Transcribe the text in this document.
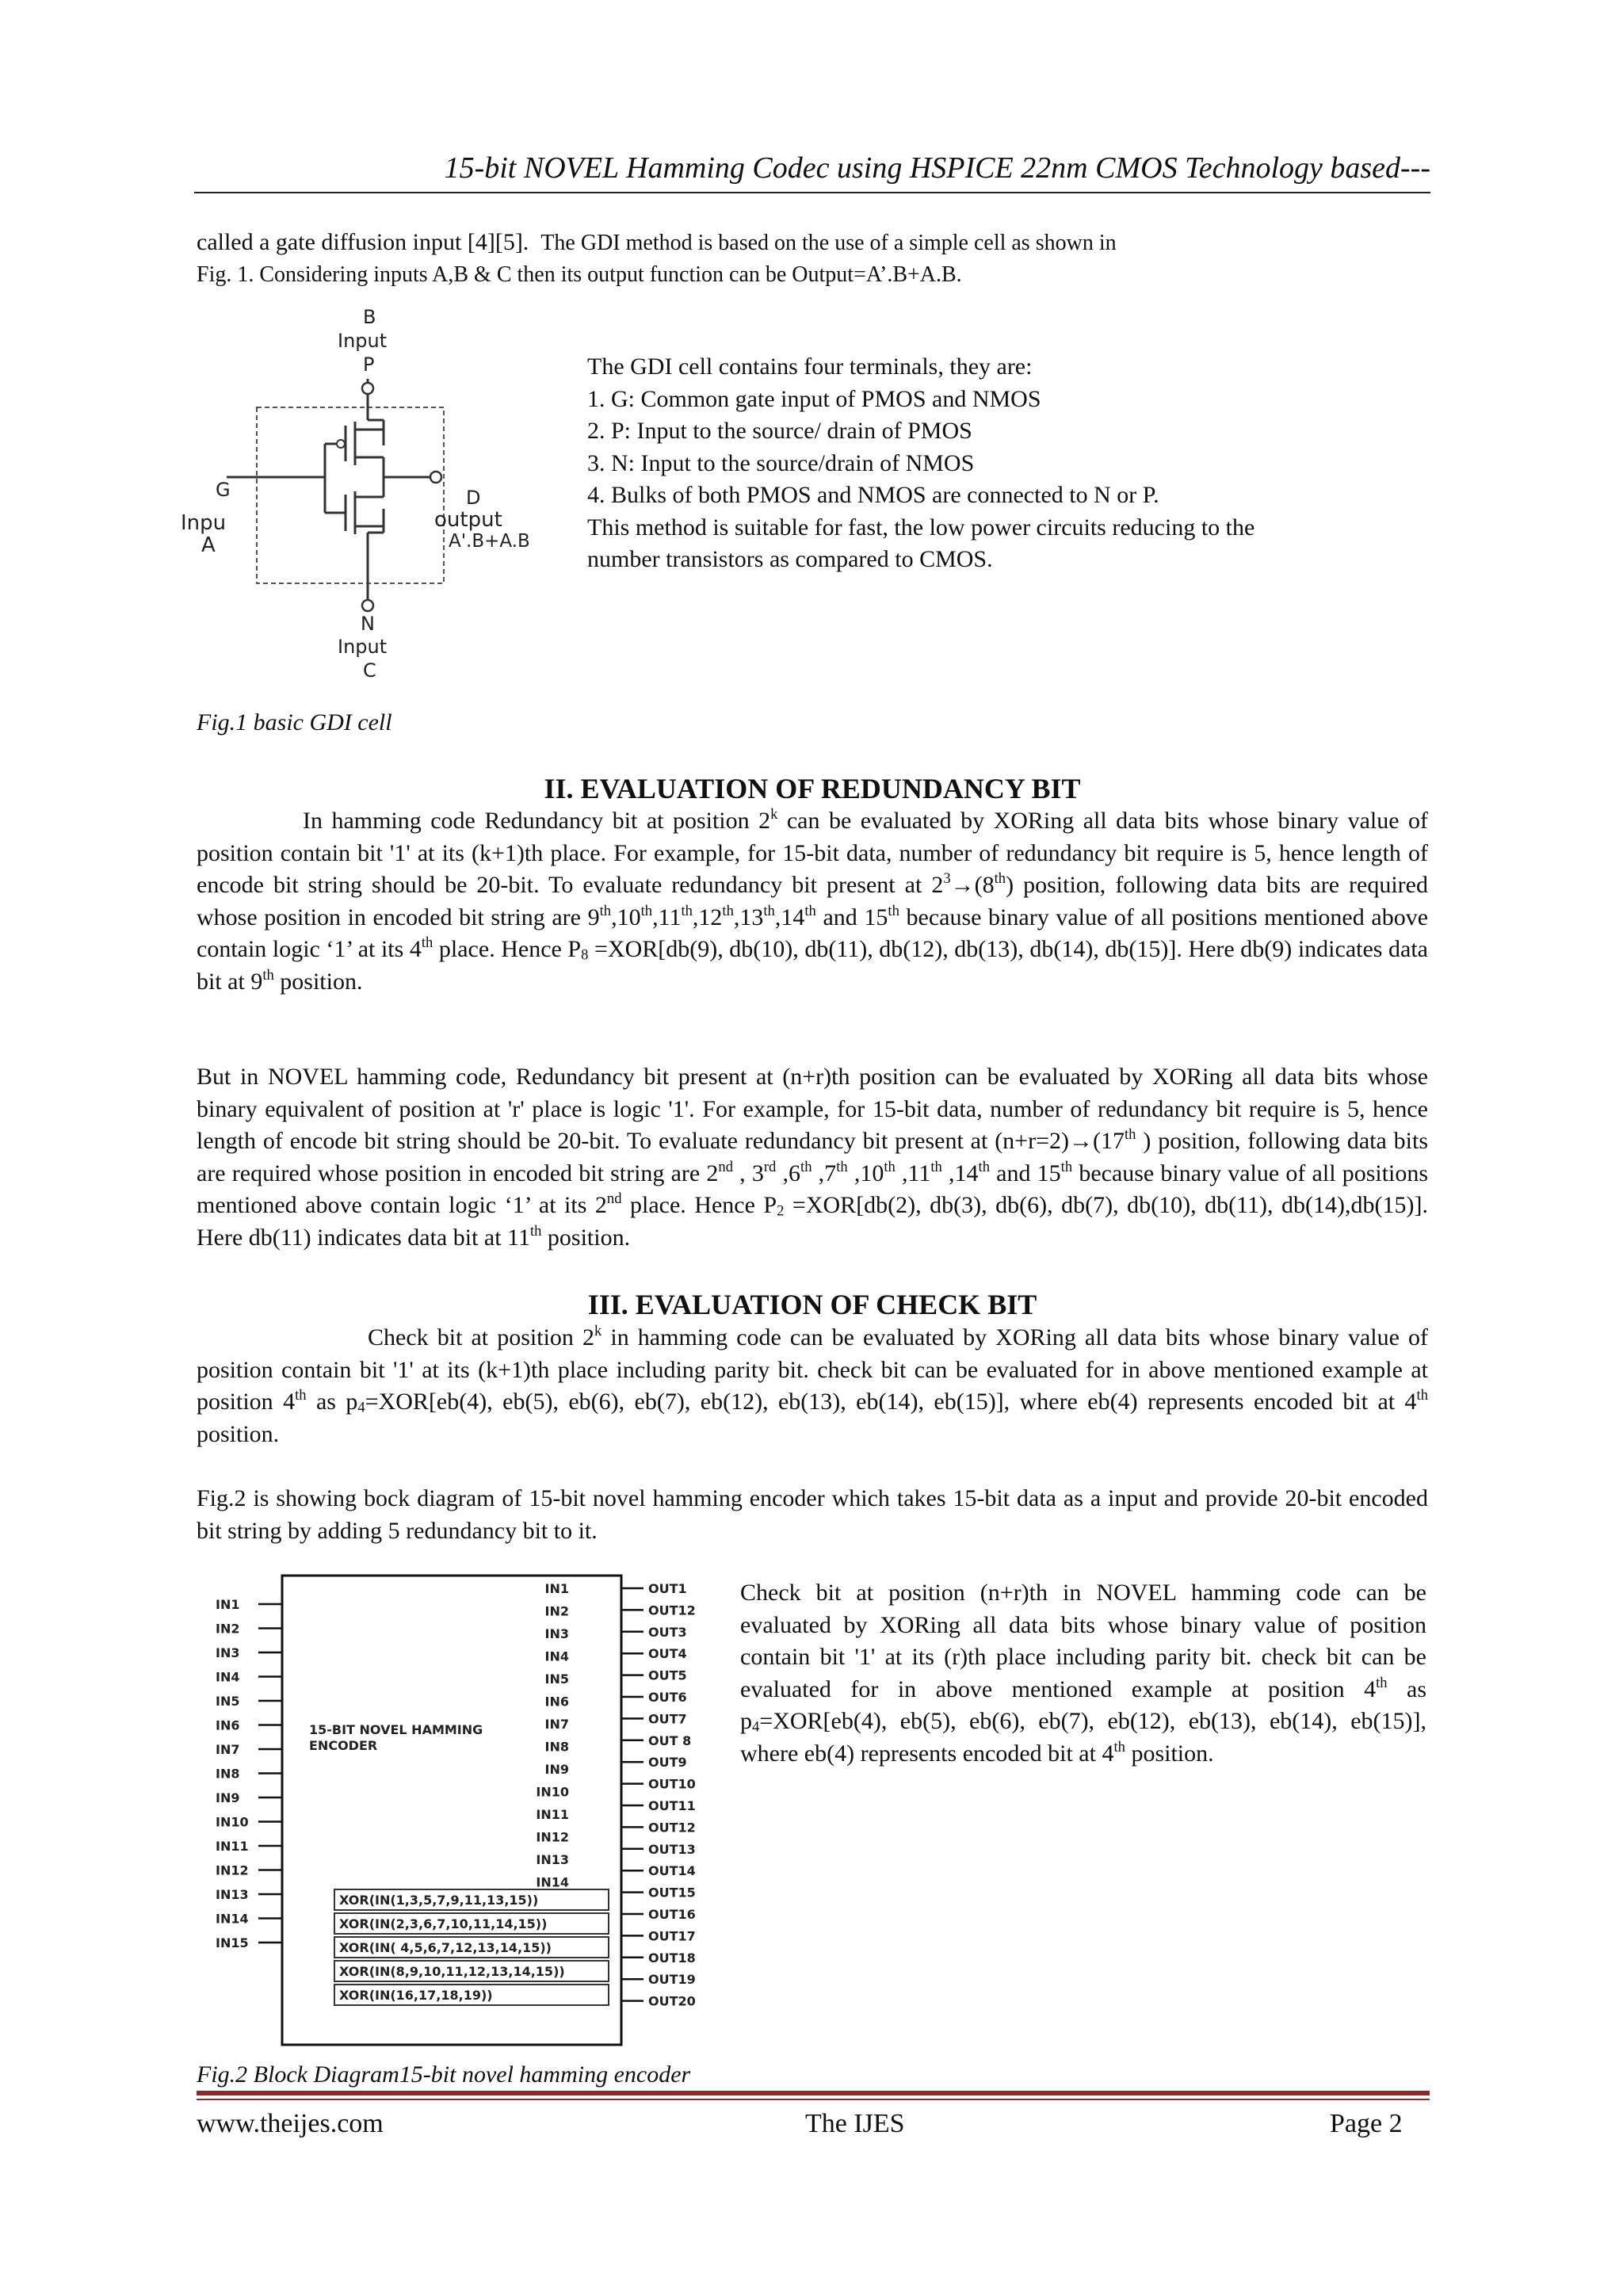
15-bit NOVEL Hamming Codec using HSPICE 22nm CMOS Technology based---
called a gate diffusion input [4][5]. The GDI method is based on the use of a simple cell as shown in
Fig. 1. Considering inputs A,B & C then its output function can be Output=A’.B+A.B.
B
Input
P
G
Inpu
A
D
output
A'.B+A.B
N
Input
C
The GDI cell contains four terminals, they are:
1. G: Common gate input of PMOS and NMOS
2. P: Input to the source/ drain of PMOS
3. N: Input to the source/drain of NMOS
4. Bulks of both PMOS and NMOS are connected to N or P.
This method is suitable for fast, the low power circuits reducing to the
number transistors as compared to CMOS.
Fig.1 basic GDI cell
II. EVALUATION OF REDUNDANCY BIT
In hamming code Redundancy bit at position 2$^k$ can be evaluated by XORing all data bits whose binary value of position contain bit '1' at its (k+1)th place. For example, for 15-bit data, number of redundancy bit require is 5, hence length of encode bit string should be 20-bit. To evaluate redundancy bit present at $2^3\to(8th)$ position, following data bits are required whose position in encoded bit string are 9th,10th,11th,12th,13th,14th and 15th because binary value of all positions mentioned above contain logic ‘1’ at its 4th place. Hence $P_8 =XOR[db(9)$, db(10), db(11), db(12), db(13), db(14), db(15)]. Here db(9) indicates data bit at 9th position.
But in NOVEL hamming code, Redundancy bit present at (n+r)th position can be evaluated by XORing all data bits whose binary equivalent of position at 'r' place is logic '1'. For example, for 15-bit data, number of redundancy bit require is 5, hence length of encode bit string should be 20-bit. To evaluate redundancy bit present at (n+r=2)→(17th ) position, following data bits are required whose position in encoded bit string are 2nd , 3rd ,6th ,7th ,10th ,11th ,14th and 15th because binary value of all positions mentioned above contain logic ‘1’ at its 2nd place. Hence $P_2 =XOR[db(2)$, db(3), db(6), db(7), db(10), db(11), db(14),db(15)]. Here db(11) indicates data bit at 11th position.
III. EVALUATION OF CHECK BIT
Check bit at position 2$^k$ in hamming code can be evaluated by XORing all data bits whose binary value of position contain bit '1' at its (k+1)th place including parity bit. check bit can be evaluated for in above mentioned example at position 4th as $p_4=XOR[eb(4)$, eb(5), eb(6), eb(7), eb(12), eb(13), eb(14), eb(15)], where eb(4) represents encoded bit at 4th position.
Fig.2 is showing bock diagram of 15-bit novel hamming encoder which takes 15-bit data as a input and provide 20-bit encoded bit string by adding 5 redundancy bit to it.
IN1
IN2
IN3
IN4
IN5
IN6
IN7
IN8
IN9
IN10
IN11
IN12
IN13
IN14
IN15
IN1
IN2
IN3
IN4
IN5
IN6
IN7
IN8
IN9
IN10
IN11
IN12
IN13
IN14
OUT1
OUT12
OUT3
OUT4
OUT5
OUT6
OUT7
OUT 8
OUT9
OUT10
OUT11
OUT12
OUT13
OUT14
OUT15
OUT16
OUT17
OUT18
OUT19
OUT20
15-BIT NOVEL HAMMING
ENCODER
XOR(IN(1,3,5,7,9,11,13,15))
XOR(IN(2,3,6,7,10,11,14,15))
XOR(IN( 4,5,6,7,12,13,14,15))
XOR(IN(8,9,10,11,12,13,14,15))
XOR(IN(16,17,18,19))
Check bit at position (n+r)th in NOVEL hamming code can be evaluated by XORing all data bits whose binary value of position contain bit '1' at its (r)th place including parity bit. check bit can be evaluated for in above mentioned example at position 4th as $p_4=XOR[eb(4)$, eb(5), eb(6), eb(7), eb(12), eb(13), eb(14), eb(15)], where eb(4) represents encoded bit at 4th position.
Fig.2 Block Diagram15-bit novel hamming encoder
www.theijes.com	The IJES	Page 2
